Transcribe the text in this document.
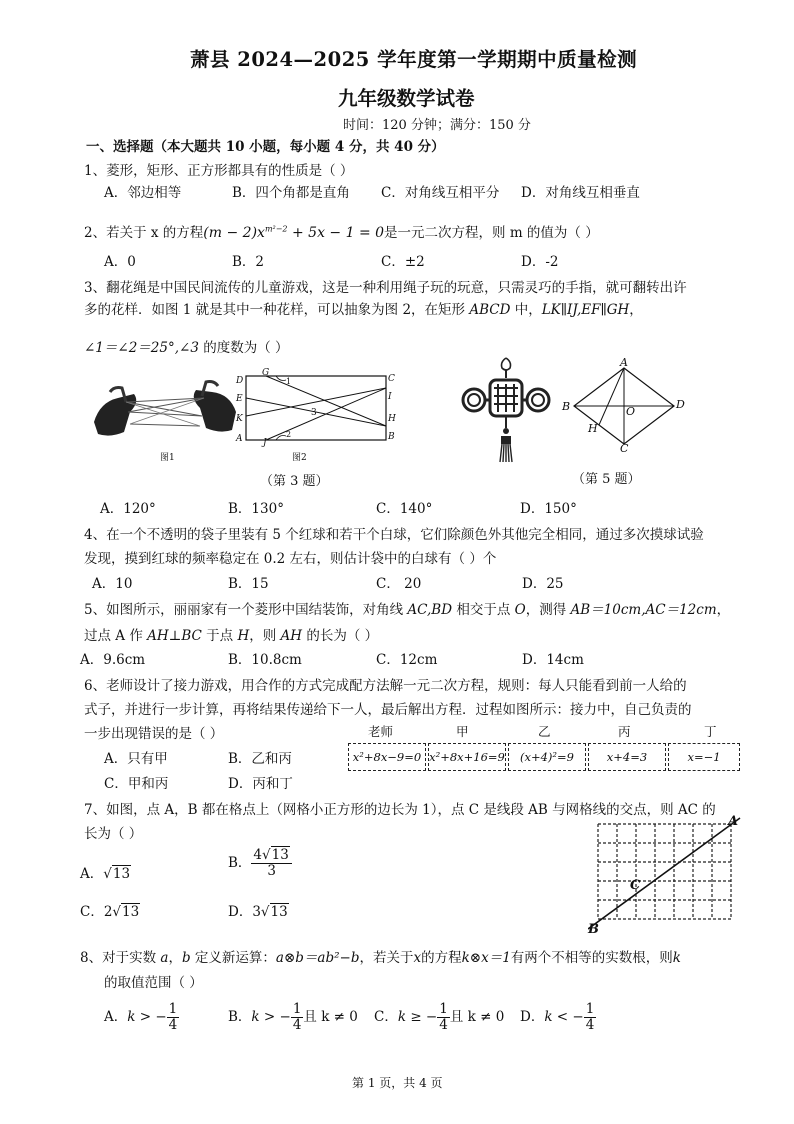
萧县 2024—2025 学年度第一学期期中质量检测
九年级数学试卷
时间：120 分钟；满分：150 分
一、选择题（本大题共 10 小题，每小题 4 分，共 40 分）
1、菱形，矩形、正方形都具有的性质是（ ）
A．邻边相等	B．四个角都是直角 C．对角线互相平分 D．对角线互相垂直
2、若关于 x 的方程$(m - 2)x^{m^2-2} + 5x - 1 = 0$是一元二次方程，则 m 的值为（ ）
A．0	B．2	C．±2	D．-2
3、翻花绳是中国民间流传的儿童游戏，这是一种利用绳子玩的玩意，只需灵巧的手指，就可翻转出许
多的花样．如图 1 就是其中一种花样，可以抽象为图 2，在矩形 ABCD 中，LK∥IJ,EF∥GH，
∠1＝∠2＝25°,∠3 的度数为（ ）
图1
D
G
1	C
E	I
3
K	H
A J
2	B
图2
（第 3 题）
A
B	O
D
H
C
（第 5 题）
A．120°	B．130°	C．140°	D．150°
4、在一个不透明的袋子里装有 5 个红球和若干个白球，它们除颜色外其他完全相同，通过多次摸球试验
发现，摸到红球的频率稳定在 0.2 左右，则估计袋中的白球有（ ）个
A．10	B．15	C． 20	D．25
5、如图所示，丽丽家有一个菱形中国结装饰，对角线 AC,BD 相交于点 O，测得 AB＝10cm,AC＝12cm，
过点 A 作 AH⊥BC 于点 H，则 AH 的长为（ ）
A．9.6cm	B．10.8cm	C．12cm	D．14cm
6、老师设计了接力游戏，用合作的方式完成配方法解一元二次方程，规则：每人只能看到前一人给的
式子，并进行一步计算，再将结果传递给下一人，最后解出方程．过程如图所示：接力中，自己负责的
一步出现错误的是（ ）
A．只有甲	B．乙和丙
C．甲和丙	D．丙和丁
老师	甲	乙	丙	丁
x²+8x−9=0 x²+8x+16=9	(x+4)²=9	x+4=3	x=−1
7、如图，点 A，B 都在格点上（网格小正方形的边长为 1），点 C 是线段 AB 与网格线的交点，则 AC 的
长为（ ）
A．√13
B． $\frac{4√13}{3}$
C．2√13	D．3√13
A
B
C
8、对于实数 a，b 定义新运算：a⊗b＝ab²−b，若关于x的方程k⊗x＝1有两个不相等的实数根，则k
的取值范围（ ）
A．k > − $\frac{1}{4}$	B．k > − $\frac{1}{4}$ 且 k ≠ 0 C．k ≥ − $\frac{1}{4}$ 且 k ≠ 0 D．k < − $\frac{1}{4}$
第 1 页，共 4 页
